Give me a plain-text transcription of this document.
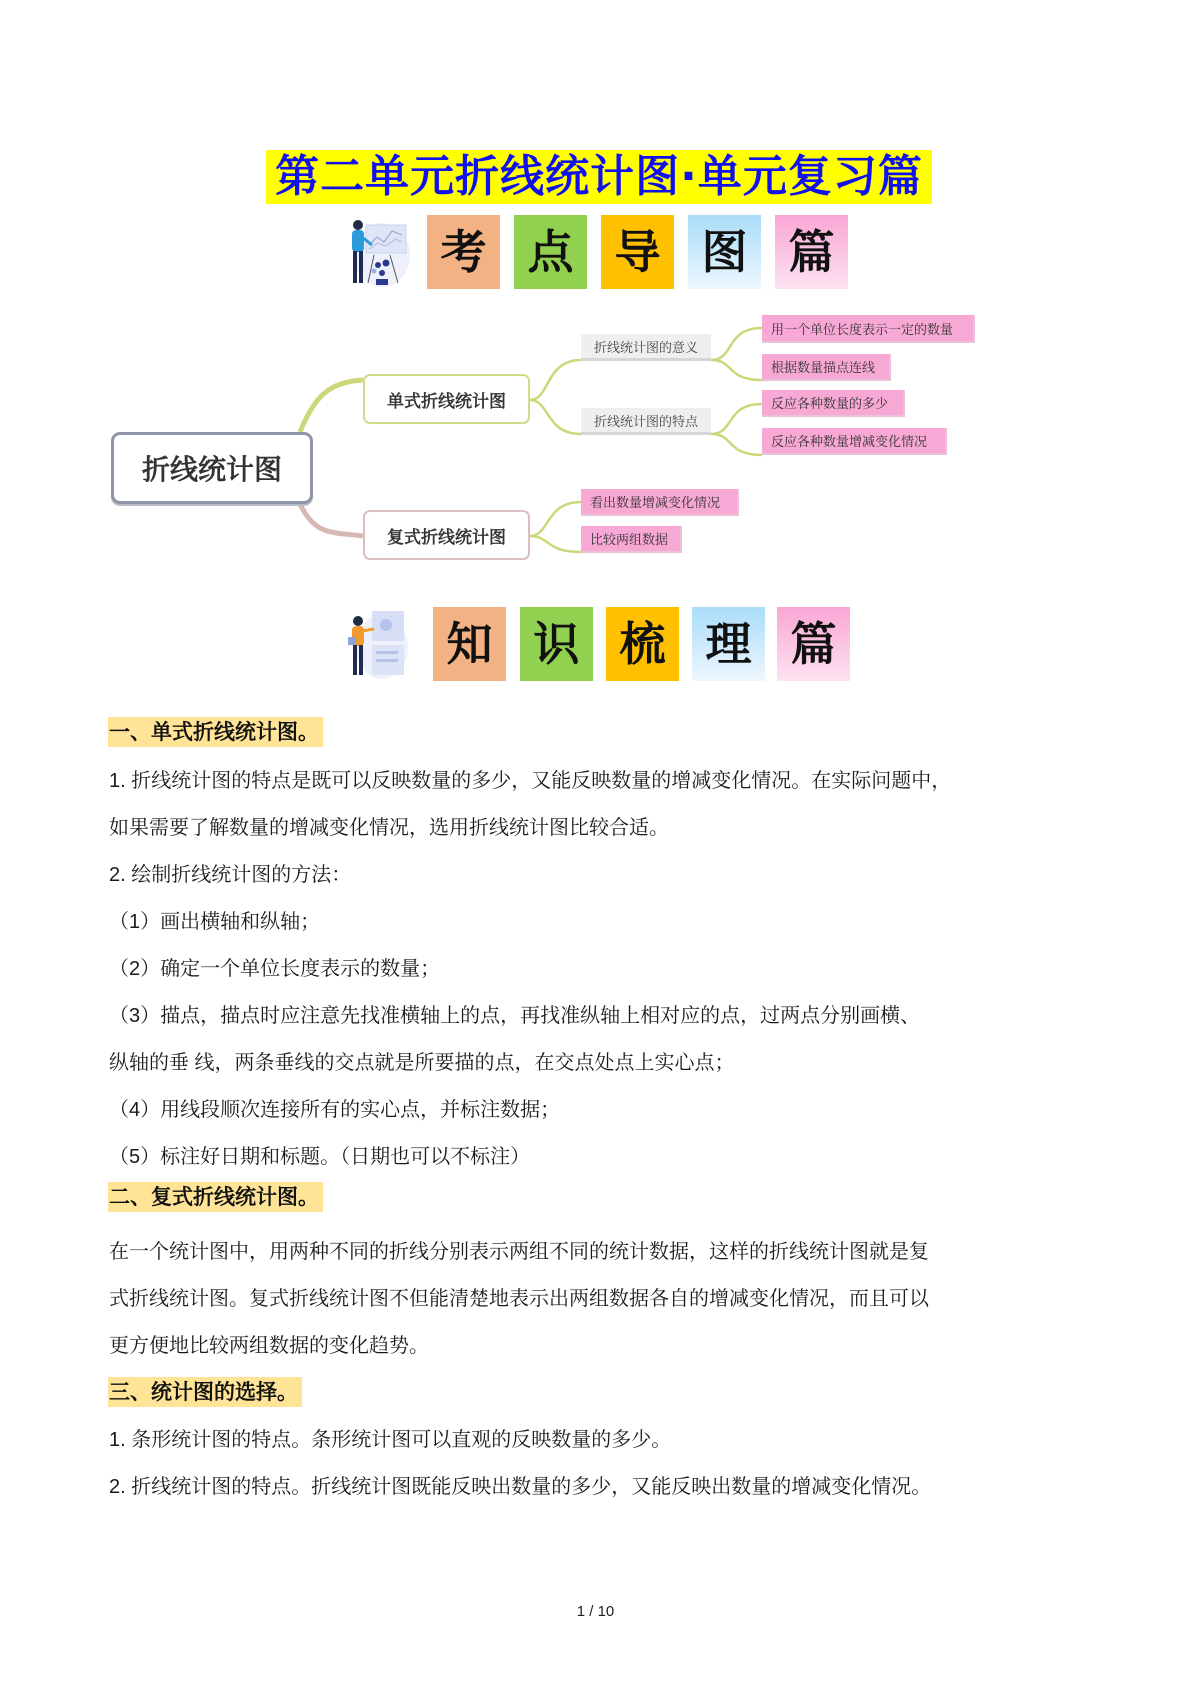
第二单元折线统计图·单元复习篇
考 点 导 图 篇
折线统计图
单式折线统计图
复式折线统计图
折线统计图的意义
折线统计图的特点
用一个单位长度表示一定的数量
根据数量描点连线
反应各种数量的多少
反应各种数量增减变化情况
看出数量增减变化情况
比较两组数据
知 识 梳 理 篇
一、单式折线统计图。
1. 折线统计图的特点是既可以反映数量的多少，又能反映数量的增减变化情况。在实际问题中，
如果需要了解数量的增减变化情况，选用折线统计图比较合适。
2. 绘制折线统计图的方法：
（1）画出横轴和纵轴；
（2）确定一个单位长度表示的数量；
（3）描点，描点时应注意先找准横轴上的点，再找准纵轴上相对应的点，过两点分别画横、
纵轴的垂 线，两条垂线的交点就是所要描的点，在交点处点上实心点；
（4）用线段顺次连接所有的实心点，并标注数据；
（5）标注好日期和标题。（日期也可以不标注）
二、复式折线统计图。
在一个统计图中，用两种不同的折线分别表示两组不同的统计数据，这样的折线统计图就是复
式折线统计图。复式折线统计图不但能清楚地表示出两组数据各自的增减变化情况，而且可以
更方便地比较两组数据的变化趋势。
三、统计图的选择。
1. 条形统计图的特点。条形统计图可以直观的反映数量的多少。
2. 折线统计图的特点。折线统计图既能反映出数量的多少，又能反映出数量的增减变化情况。
1 / 10
